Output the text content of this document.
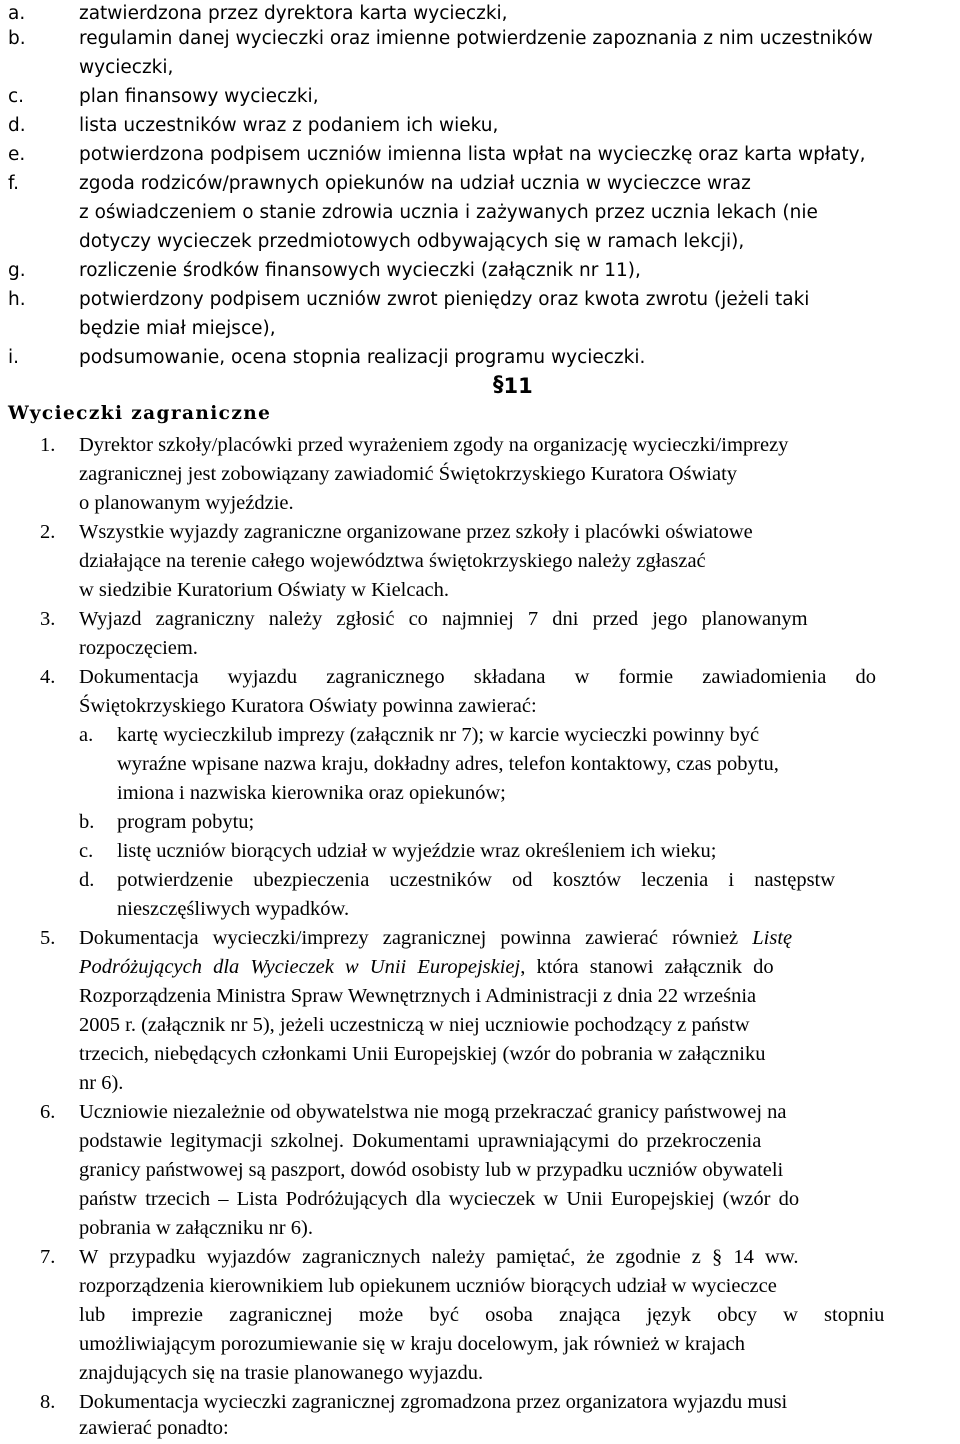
a.	zatwierdzona przez dyrektora karta wycieczki,
b.	regulamin danej wycieczki oraz imienne potwierdzenie zapoznania z nim uczestników
wycieczki,
c.	plan finansowy wycieczki,
d.	lista uczestników wraz z podaniem ich wieku,
e.	potwierdzona podpisem uczniów imienna lista wpłat na wycieczkę oraz karta wpłaty,
f.	zgoda rodziców/prawnych opiekunów na udział ucznia w wycieczce wraz
z oświadczeniem o stanie zdrowia ucznia i zażywanych przez ucznia lekach (nie
dotyczy wycieczek przedmiotowych odbywających się w ramach lekcji),
g.	rozliczenie środków finansowych wycieczki (załącznik nr 11),
h.	potwierdzony podpisem uczniów zwrot pieniędzy oraz kwota zwrotu (jeżeli taki
będzie miał miejsce),
i.	podsumowanie, ocena stopnia realizacji programu wycieczki.
§11
Wycieczki zagraniczne
1. Dyrektor szkoły/placówki przed wyrażeniem zgody na organizację wycieczki/imprezy
zagranicznej jest zobowiązany zawiadomić Świętokrzyskiego Kuratora Oświaty
o planowanym wyjeździe.
2. Wszystkie wyjazdy zagraniczne organizowane przez szkoły i placówki oświatowe
działające na terenie całego województwa świętokrzyskiego należy zgłaszać
w siedzibie Kuratorium Oświaty w Kielcach.
3. Wyjazd zagraniczny należy zgłosić co najmniej 7 dni przed jego planowanym
rozpoczęciem.
4. Dokumentacja wyjazdu zagranicznego składana w formie zawiadomienia do
Świętokrzyskiego Kuratora Oświaty powinna zawierać:
a. kartę wycieczkilub imprezy (załącznik nr 7); w karcie wycieczki powinny być
wyraźne wpisane nazwa kraju, dokładny adres, telefon kontaktowy, czas pobytu,
imiona i nazwiska kierownika oraz opiekunów;
b. program pobytu;
c. listę uczniów biorących udział w wyjeździe wraz określeniem ich wieku;
d. potwierdzenie ubezpieczenia uczestników od kosztów leczenia i następstw
nieszczęśliwych wypadków.
5. Dokumentacja wycieczki/imprezy zagranicznej powinna zawierać również Listę
Podróżujących dla Wycieczek w Unii Europejskiej, która stanowi załącznik do
Rozporządzenia Ministra Spraw Wewnętrznych i Administracji z dnia 22 września
2005 r. (załącznik nr 5), jeżeli uczestniczą w niej uczniowie pochodzący z państw
trzecich, niebędących członkami Unii Europejskiej (wzór do pobrania w załączniku
nr 6).
6. Uczniowie niezależnie od obywatelstwa nie mogą przekraczać granicy państwowej na
podstawie legitymacji szkolnej. Dokumentami uprawniającymi do przekroczenia
granicy państwowej są paszport, dowód osobisty lub w przypadku uczniów obywateli
państw trzecich – Lista Podróżujących dla wycieczek w Unii Europejskiej (wzór do
pobrania w załączniku nr 6).
7. W przypadku wyjazdów zagranicznych należy pamiętać, że zgodnie z § 14 ww.
rozporządzenia kierownikiem lub opiekunem uczniów biorących udział w wycieczce
lub imprezie zagranicznej może być osoba znająca język obcy w stopniu
umożliwiającym porozumiewanie się w kraju docelowym, jak również w krajach
znajdujących się na trasie planowanego wyjazdu.
8. Dokumentacja wycieczki zagranicznej zgromadzona przez organizatora wyjazdu musi
zawierać ponadto:
